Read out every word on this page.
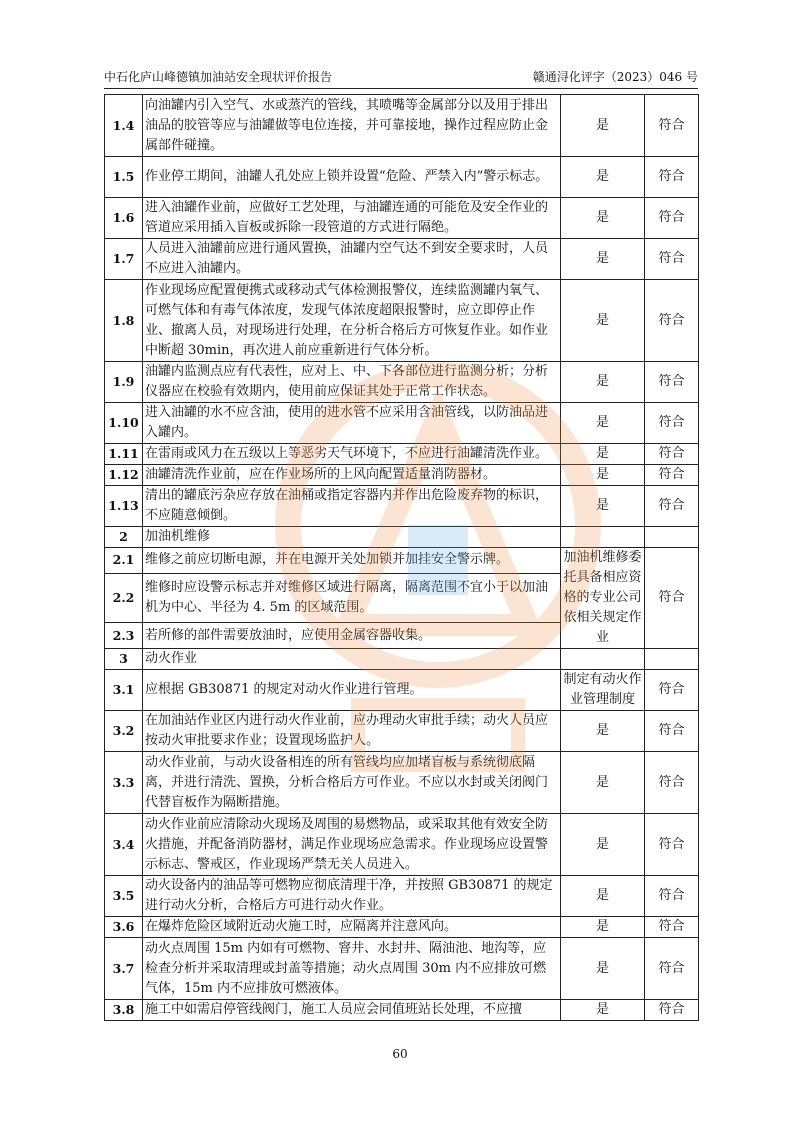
中石化庐山峰德镇加油站安全现状评价报告	赣通浔化评字（2023）046 号
1.4	向油罐内引入空气、水或蒸汽的管线，其喷嘴等金属部分以及用于排出油品的胶管等应与油罐做等电位连接，并可靠接地，操作过程应防止金属部件碰撞。	是	符合
1.5	作业停工期间，油罐人孔处应上锁并设置“危险、严禁入内”警示标志。	是	符合
1.6	进入油罐作业前，应做好工艺处理，与油罐连通的可能危及安全作业的管道应采用插入盲板或拆除一段管道的方式进行隔绝。	是	符合
1.7	人员进入油罐前应进行通风置换，油罐内空气达不到安全要求时，人员不应进入油罐内。	是	符合
1.8	作业现场应配置便携式或移动式气体检测报警仪，连续监测罐内氧气、可燃气体和有毒气体浓度，发现气体浓度超限报警时，应立即停止作业、撤离人员，对现场进行处理，在分析合格后方可恢复作业。如作业中断超 30min，再次进人前应重新进行气体分析。	是	符合
1.9	油罐内监测点应有代表性，应对上、中、下各部位进行监测分析；分析仪器应在校验有效期内，使用前应保证其处于正常工作状态。	是	符合
1.10	进入油罐的水不应含油，使用的进水管不应采用含油管线，以防油品进入罐内。	是	符合
1.11	在雷雨或风力在五级以上等恶劣天气环境下，不应进行油罐清洗作业。	是	符合
1.12	油罐清洗作业前，应在作业场所的上风向配置适量消防器材。	是	符合
1.13	清出的罐底污杂应存放在油桶或指定容器内并作出危险废弃物的标识，不应随意倾倒。	是	符合
2	加油机维修		
2.1	维修之前应切断电源，并在电源开关处加锁并加挂安全警示牌。	加油机维修委托具备相应资格的专业公司依相关规定作业	符合
2.2	维修时应设警示标志并对维修区域进行隔离，隔离范围不宜小于以加油机为中心、半径为 4. 5m 的区域范围。		
2.3	若所修的部件需要放油时，应使用金属容器收集。		
3	动火作业		
3.1	应根据 GB30871 的规定对动火作业进行管理。	制定有动火作业管理制度	符合
3.2	在加油站作业区内进行动火作业前，应办理动火审批手续；动火人员应按动火审批要求作业；设置现场监护人。	是	符合
3.3	动火作业前，与动火设备相连的所有管线均应加堵盲板与系统彻底隔离，并进行清洗、置换，分析合格后方可作业。不应以水封或关闭阀门代替盲板作为隔断措施。	是	符合
3.4	动火作业前应清除动火现场及周围的易燃物品，或采取其他有效安全防火措施，并配备消防器材，满足作业现场应急需求。作业现场应设置警示标志、警戒区，作业现场严禁无关人员进入。	是	符合
3.5	动火设备内的油品等可燃物应彻底清理干净，并按照 GB30871 的规定进行动火分析，合格后方可进行动火作业。	是	符合
3.6	在爆炸危险区域附近动火施工时，应隔离并注意风向。	是	符合
3.7	动火点周围 15m 内如有可燃物、窨井、水封井、隔油池、地沟等，应检查分析并采取清理或封盖等措施；动火点周围 30m 内不应排放可燃气体，15m 内不应排放可燃液体。	是	符合
3.8	施工中如需启停管线阀门，施工人员应会同值班站长处理，不应擅	是	符合
60
